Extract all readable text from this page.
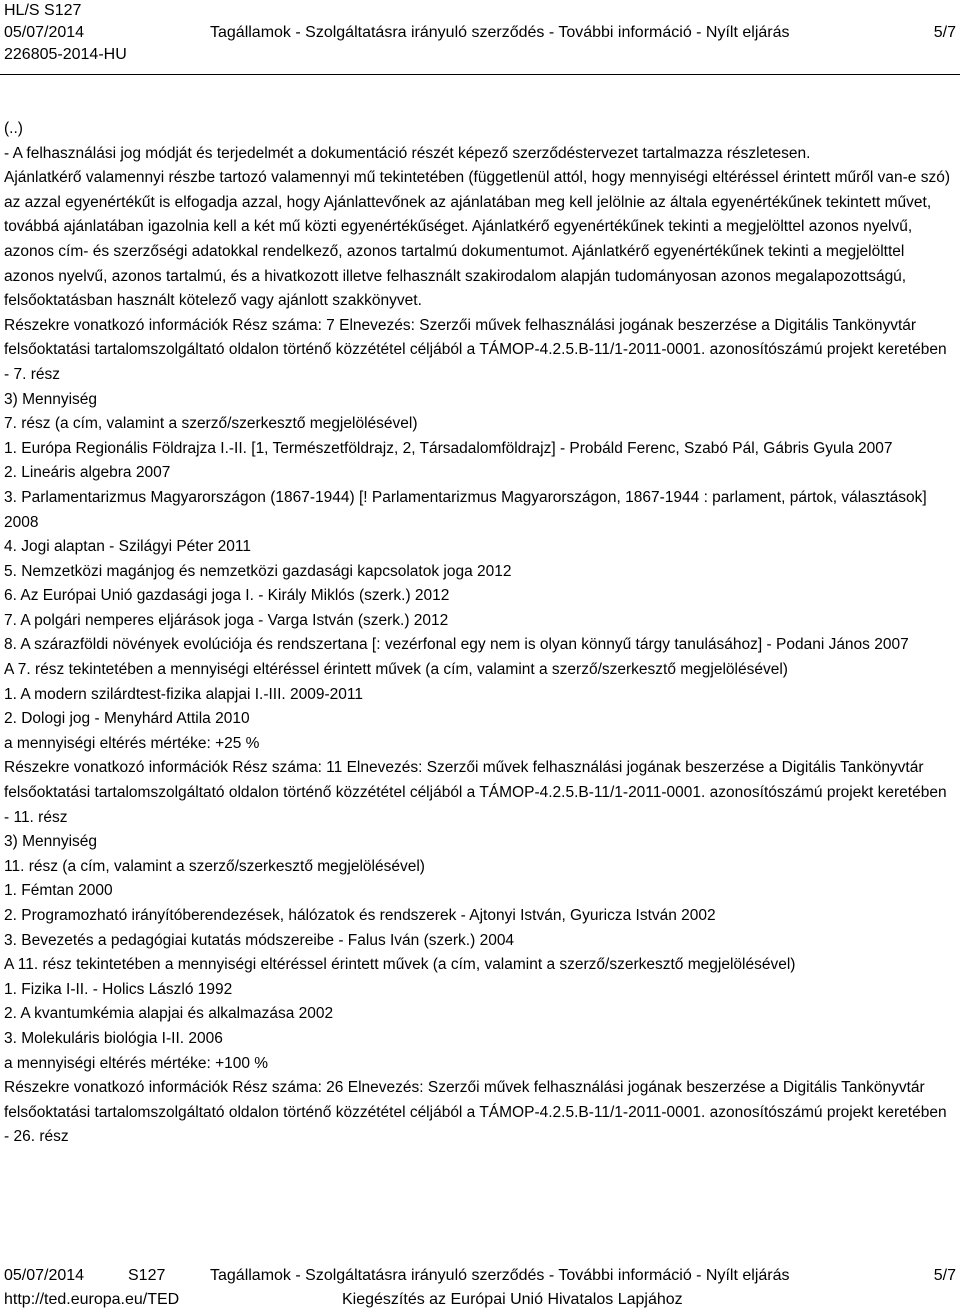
HL/S S127
05/07/2014	Tagállamok - Szolgáltatásra irányuló szerződés - További információ - Nyílt eljárás	5/7
226805-2014-HU

(..)

- A felhasználási jog módját és terjedelmét a dokumentáció részét képező szerződéstervezet tartalmazza részletesen.

Ajánlatkérő valamennyi részbe tartozó valamennyi mű tekintetében (függetlenül attól, hogy mennyiségi eltéréssel érintett műről van-e szó) az azzal egyenértékűt is elfogadja azzal, hogy Ajánlattevőnek az ajánlatában meg kell jelölnie az általa egyenértékűnek tekintett művet, továbbá ajánlatában igazolnia kell a két mű közti egyenértékűséget. Ajánlatkérő egyenértékűnek tekinti a megjelölttel azonos nyelvű, azonos cím- és szerzőségi adatokkal rendelkező, azonos tartalmú dokumentumot. Ajánlatkérő egyenértékűnek tekinti a megjelölttel azonos nyelvű, azonos tartalmú, és a hivatkozott illetve felhasznált szakirodalom alapján tudományosan azonos megalapozottságú, felsőoktatásban használt kötelező vagy ajánlott szakkönyvet.

Részekre vonatkozó információk Rész száma: 7 Elnevezés: Szerzői művek felhasználási jogának beszerzése a Digitális Tankönyvtár felsőoktatási tartalomszolgáltató oldalon történő közzététel céljából a TÁMOP-4.2.5.B-11/1-2011-0001. azonosítószámú projekt keretében - 7. rész

3) Mennyiség

7. rész (a cím, valamint a szerző/szerkesztő megjelölésével)

1. Európa Regionális Földrajza I.-II. [1, Természetföldrajz, 2, Társadalomföldrajz] - Probáld Ferenc, Szabó Pál, Gábris Gyula 2007

2. Lineáris algebra 2007

3. Parlamentarizmus Magyarországon (1867-1944) [! Parlamentarizmus Magyarországon, 1867-1944 : parlament, pártok, választások] 2008

4. Jogi alaptan - Szilágyi Péter 2011

5. Nemzetközi magánjog és nemzetközi gazdasági kapcsolatok joga 2012

6. Az Európai Unió gazdasági joga I. - Király Miklós (szerk.) 2012

7. A polgári nemperes eljárások joga - Varga István (szerk.) 2012

8. A szárazföldi növények evolúciója és rendszertana [: vezérfonal egy nem is olyan könnyű tárgy tanulásához] - Podani János 2007

A 7. rész tekintetében a mennyiségi eltéréssel érintett művek (a cím, valamint a szerző/szerkesztő megjelölésével)

1. A modern szilárdtest-fizika alapjai I.-III. 2009-2011

2. Dologi jog - Menyhárd Attila 2010

a mennyiségi eltérés mértéke: +25 %

Részekre vonatkozó információk Rész száma: 11 Elnevezés: Szerzői művek felhasználási jogának beszerzése a Digitális Tankönyvtár felsőoktatási tartalomszolgáltató oldalon történő közzététel céljából a TÁMOP-4.2.5.B-11/1-2011-0001. azonosítószámú projekt keretében - 11. rész

3) Mennyiség

11. rész (a cím, valamint a szerző/szerkesztő megjelölésével)

1. Fémtan 2000

2. Programozható irányítóberendezések, hálózatok és rendszerek - Ajtonyi István, Gyuricza István 2002

3. Bevezetés a pedagógiai kutatás módszereibe - Falus Iván (szerk.) 2004

A 11. rész tekintetében a mennyiségi eltéréssel érintett művek (a cím, valamint a szerző/szerkesztő megjelölésével)

1. Fizika I-II. - Holics László 1992

2. A kvantumkémia alapjai és alkalmazása 2002

3. Molekuláris biológia I-II. 2006

a mennyiségi eltérés mértéke: +100 %

Részekre vonatkozó információk Rész száma: 26 Elnevezés: Szerzői művek felhasználási jogának beszerzése a Digitális Tankönyvtár felsőoktatási tartalomszolgáltató oldalon történő közzététel céljából a TÁMOP-4.2.5.B-11/1-2011-0001. azonosítószámú projekt keretében - 26. rész

05/07/2014	S127	Tagállamok - Szolgáltatásra irányuló szerződés - További információ - Nyílt eljárás	5/7
http://ted.europa.eu/TED	Kiegészítés az Európai Unió Hivatalos Lapjához
